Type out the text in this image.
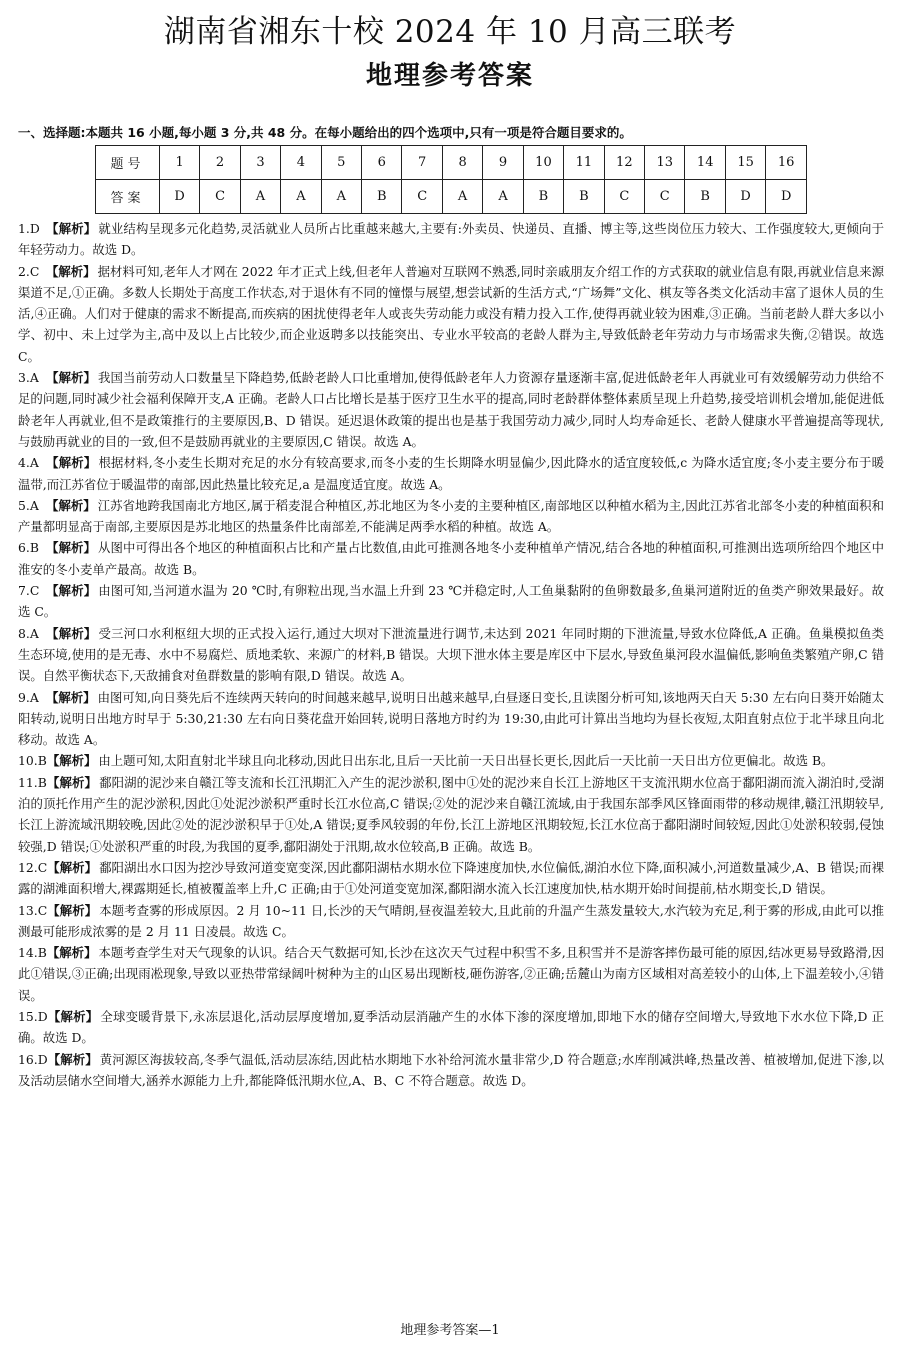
湖南省湘东十校 2024 年 10 月高三联考
地理参考答案
一、选择题:本题共 16 小题,每小题 3 分,共 48 分。在每小题给出的四个选项中,只有一项是符合题目要求的。
题号	1	2	3	4	5	6	7	8	9	10	11	12	13	14	15	16
答案	D	C	A	A	A	B	C	A	A	B	B	C	C	B	D	D
1.D 【解析】 就业结构呈现多元化趋势,灵活就业人员所占比重越来越大,主要有:外卖员、快递员、直播、博主等,这些岗位压力较大、工作强度较大,更倾向于年轻劳动力。故选 D。
2.C 【解析】 据材料可知,老年人才网在 2022 年才正式上线,但老年人普遍对互联网不熟悉,同时亲戚朋友介绍工作的方式获取的就业信息有限,再就业信息来源渠道不足,①正确。多数人长期处于高度工作状态,对于退休有不同的憧憬与展望,想尝试新的生活方式,“广场舞”文化、棋友等各类文化活动丰富了退休人员的生活,④正确。人们对于健康的需求不断提高,而疾病的困扰使得老年人或丧失劳动能力或没有精力投入工作,使得再就业较为困难,③正确。当前老龄人群大多以小学、初中、未上过学为主,高中及以上占比较少,而企业返聘多以技能突出、专业水平较高的老龄人群为主,导致低龄老年劳动力与市场需求失衡,②错误。故选 C。
3.A 【解析】 我国当前劳动人口数量呈下降趋势,低龄老龄人口比重增加,使得低龄老年人力资源存量逐渐丰富,促进低龄老年人再就业可有效缓解劳动力供给不足的问题,同时减少社会福利保障开支,A 正确。老龄人口占比增长是基于医疗卫生水平的提高,同时老龄群体整体素质呈现上升趋势,接受培训机会增加,能促进低龄老年人再就业,但不是政策推行的主要原因,B、D 错误。延迟退休政策的提出也是基于我国劳动力减少,同时人均寿命延长、老龄人健康水平普遍提高等现状,与鼓励再就业的目的一致,但不是鼓励再就业的主要原因,C 错误。故选 A。
4.A 【解析】 根据材料,冬小麦生长期对充足的水分有较高要求,而冬小麦的生长期降水明显偏少,因此降水的适宜度较低,c 为降水适宜度;冬小麦主要分布于暖温带,而江苏省位于暖温带的南部,因此热量比较充足,a 是温度适宜度。故选 A。
5.A 【解析】 江苏省地跨我国南北方地区,属于稻麦混合种植区,苏北地区为冬小麦的主要种植区,南部地区以种植水稻为主,因此江苏省北部冬小麦的种植面积和产量都明显高于南部,主要原因是苏北地区的热量条件比南部差,不能满足两季水稻的种植。故选 A。
6.B 【解析】 从图中可得出各个地区的种植面积占比和产量占比数值,由此可推测各地冬小麦种植单产情况,结合各地的种植面积,可推测出选项所给四个地区中淮安的冬小麦单产最高。故选 B。
7.C 【解析】 由图可知,当河道水温为 20 ℃时,有卵粒出现,当水温上升到 23 ℃并稳定时,人工鱼巢黏附的鱼卵数最多,鱼巢河道附近的鱼类产卵效果最好。故选 C。
8.A 【解析】 受三河口水利枢纽大坝的正式投入运行,通过大坝对下泄流量进行调节,未达到 2021 年同时期的下泄流量,导致水位降低,A 正确。鱼巢模拟鱼类生态环境,使用的是无毒、水中不易腐烂、质地柔软、来源广的材料,B 错误。大坝下泄水体主要是库区中下层水,导致鱼巢河段水温偏低,影响鱼类繁殖产卵,C 错误。自然平衡状态下,天敌捕食对鱼群数量的影响有限,D 错误。故选 A。
9.A 【解析】 由图可知,向日葵先后不连续两天转向的时间越来越早,说明日出越来越早,白昼逐日变长,且读图分析可知,该地两天白天 5:30 左右向日葵开始随太阳转动,说明日出地方时早于 5:30,21:30 左右向日葵花盘开始回转,说明日落地方时约为 19:30,由此可计算出当地均为昼长夜短,太阳直射点位于北半球且向北移动。故选 A。
10.B【解析】 由上题可知,太阳直射北半球且向北移动,因此日出东北,且后一天比前一天日出昼长更长,因此后一天比前一天日出方位更偏北。故选 B。
11.B【解析】 鄱阳湖的泥沙来自赣江等支流和长江汛期汇入产生的泥沙淤积,图中①处的泥沙来自长江上游地区干支流汛期水位高于鄱阳湖而流入湖泊时,受湖泊的顶托作用产生的泥沙淤积,因此①处泥沙淤积严重时长江水位高,C 错误;②处的泥沙来自赣江流域,由于我国东部季风区锋面雨带的移动规律,赣江汛期较早,长江上游流域汛期较晚,因此②处的泥沙淤积早于①处,A 错误;夏季风较弱的年份,长江上游地区汛期较短,长江水位高于鄱阳湖时间较短,因此①处淤积较弱,侵蚀较强,D 错误;①处淤积严重的时段,为我国的夏季,鄱阳湖处于汛期,故水位较高,B 正确。故选 B。
12.C【解析】 鄱阳湖出水口因为挖沙导致河道变宽变深,因此鄱阳湖枯水期水位下降速度加快,水位偏低,湖泊水位下降,面积减小,河道数量减少,A、B 错误;而裸露的湖滩面积增大,裸露期延长,植被覆盖率上升,C 正确;由于①处河道变宽加深,鄱阳湖水流入长江速度加快,枯水期开始时间提前,枯水期变长,D 错误。
13.C【解析】 本题考查雾的形成原因。2 月 10~11 日,长沙的天气晴朗,昼夜温差较大,且此前的升温产生蒸发量较大,水汽较为充足,利于雾的形成,由此可以推测最可能形成浓雾的是 2 月 11 日凌晨。故选 C。
14.B【解析】 本题考查学生对天气现象的认识。结合天气数据可知,长沙在这次天气过程中积雪不多,且积雪并不是游客摔伤最可能的原因,结冰更易导致路滑,因此①错误,③正确;出现雨凇现象,导致以亚热带常绿阔叶树种为主的山区易出现断枝,砸伤游客,②正确;岳麓山为南方区域相对高差较小的山体,上下温差较小,④错误。
15.D【解析】 全球变暖背景下,永冻层退化,活动层厚度增加,夏季活动层消融产生的水体下渗的深度增加,即地下水的储存空间增大,导致地下水水位下降,D 正确。故选 D。
16.D【解析】 黄河源区海拔较高,冬季气温低,活动层冻结,因此枯水期地下水补给河流水量非常少,D 符合题意;水库削减洪峰,热量改善、植被增加,促进下渗,以及活动层储水空间增大,涵养水源能力上升,都能降低汛期水位,A、B、C 不符合题意。故选 D。
地理参考答案—1
